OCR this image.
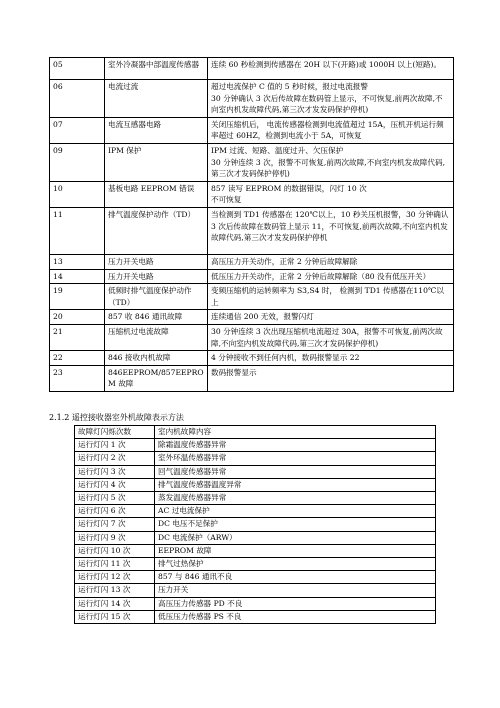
05	室外冷凝器中部温度传感器	连续 60 秒检测到传感器在 20H 以下(开路)或 1000H 以上(短路)。

06	电流过流	超过电流保护 C 值的 5 秒时候，报过电流报警
30 分钟确认 3 次后传故障在数码管上显示，不可恢复,前两次故障,不向室内机发故障代码,第三次才发发码保护停机)

07	电流互感器电路	关闭压缩机后， 电流传感器检测到电流值超过 15A，压机开机运行频率超过 60HZ，检测到电流小于 5A，可恢复

09	IPM 保护	IPM 过流、短路、温度过升、欠压保护
30 分钟连续 3 次，报警不可恢复,前两次故障,不向室内机发故障代码,第三次才发码保护停机)

10	基板电路 EEPROM 错误	857 读写 EEPROM 的数据错误，闪灯 10 次
不可恢复

11	排气温度保护动作（TD）	当检测到 TD1 传感器在 120℃以上，10 秒关压机报警，30 分钟确认 3 次后传故障在数码管上显示 11，不可恢复,前两次故障,不向室内机发故障代码,第三次才发发码保护停机

13	压力开关电路	高压压力开关动作，正常 2 分钟后故障解除

14	压力开关电路	低压压力开关动作，正常 2 分钟后故障解除（80 没有低压开关）

19	低频时排气温度保护动作（TD）	变频压缩机的运转频率为 S3,S4 时， 检测到 TD1 传感器在110℃以上

20	857 收 846 通讯故障	连续通信 200 无效，报警闪灯

21	压缩机过电流故障	30 分钟连续 3 次出现压缩机电流超过 30A，报警不可恢复,前两次故障,不向室内机发故障代码,第三次才发码保护停机)

22	846 接收内机故障	4 分钟接收不到任何内机，数码报警显示 22

23	846EEPROM/857EEPROM 故障	数码报警显示
2.1.2 遥控接收器室外机故障表示方法
故障灯闪烁次数	室内机故障内容
运行灯闪 1 次	除霜温度传感器异常
运行灯闪 2 次	室外环温传感器异常
运行灯闪 3 次	回气温度传感器异常
运行灯闪 4 次	排气温度传感器温度异常
运行灯闪 5 次	蒸发温度传感器异常
运行灯闪 6 次	AC 过电流保护
运行灯闪 7 次	DC 电压不足保护
运行灯闪 9 次	DC 电流保护（ARW）
运行灯闪 10 次	EEPROM 故障
运行灯闪 11 次	排气过热保护
运行灯闪 12 次	857 与 846 通讯不良
运行灯闪 13 次	压力开关
运行灯闪 14 次	高压压力传感器 PD 不良
运行灯闪 15 次	低压压力传感器 PS 不良
